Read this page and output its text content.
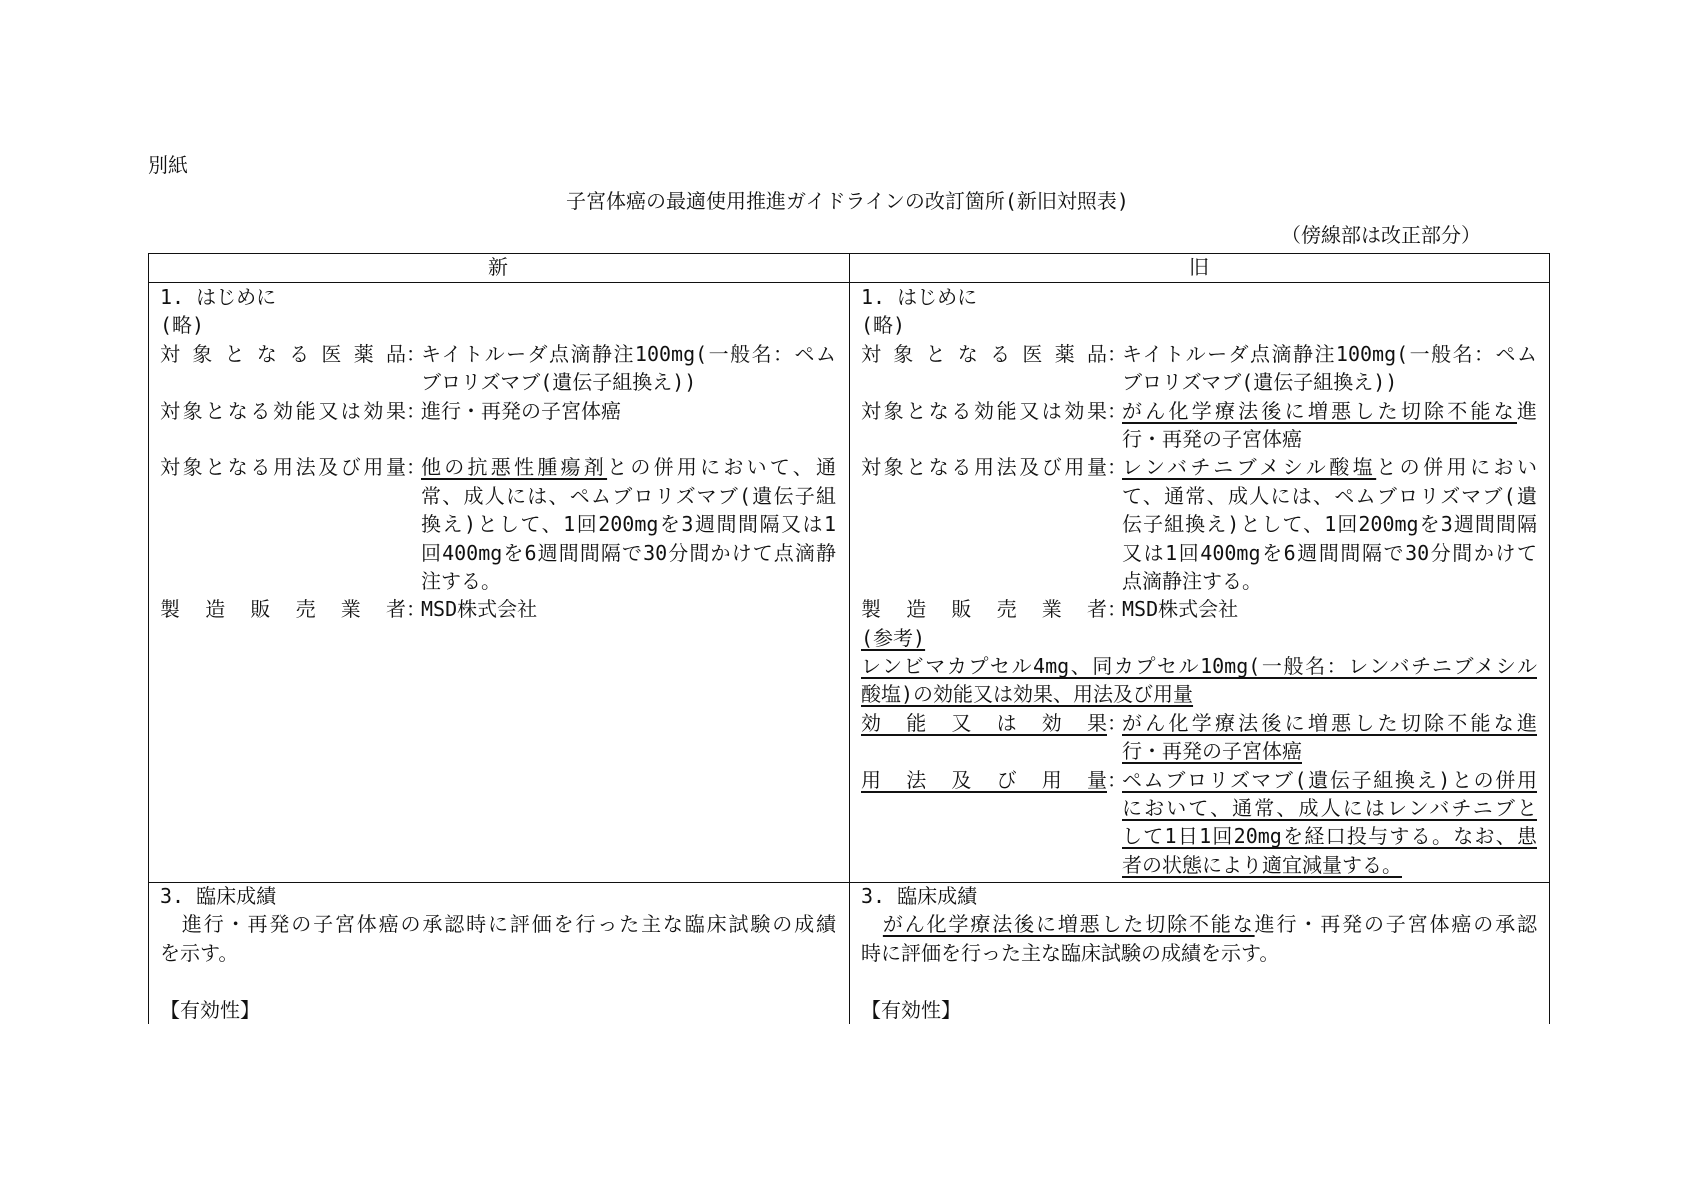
別紙
子宮体癌の最適使用推進ガイドラインの改訂箇所(新旧対照表)
（傍線部は改正部分）
新	旧
1. はじめに
(略)
対象となる医薬品 ：
キイトルーダ点滴静注100mg(一般名：ペム
ブロリズマブ(遺伝子組換え))
対象となる効能又は効果 ：
進行・再発の子宮体癌
対象となる用法及び用量 ：
他の抗悪性腫瘍剤との併用において、通
常、成人には、ペムブロリズマブ(遺伝子組
換え)として、1回200mgを3週間間隔又は1
回400mgを6週間間隔で30分間かけて点滴静
注する。
製造販売業者 ：
MSD株式会社
1. はじめに
(略)
対象となる医薬品 ：
キイトルーダ点滴静注100mg(一般名：ペム
ブロリズマブ(遺伝子組換え))
対象となる効能又は効果 ：
がん化学療法後に増悪した切除不能な進
行・再発の子宮体癌
対象となる用法及び用量 ：
レンバチニブメシル酸塩との併用におい
て、通常、成人には、ペムブロリズマブ(遺
伝子組換え)として、1回200mgを3週間間隔
又は1回400mgを6週間間隔で30分間かけて
点滴静注する。
製造販売業者 ：
MSD株式会社
(参考)
レンビマカプセル4mg、同カプセル10mg(一般名：レンバチニブメシル
酸塩)の効能又は効果、用法及び用量
効能又は効果 ：
がん化学療法後に増悪した切除不能な進
行・再発の子宮体癌
用法及び用量 ：
ペムブロリズマブ(遺伝子組換え)との併用
において、通常、成人にはレンバチニブと
して1日1回20mgを経口投与する。なお、患
者の状態により適宜減量する。
3. 臨床成績
　進行・再発の子宮体癌の承認時に評価を行った主な臨床試験の成績
を示す。
【有効性】
3. 臨床成績
　がん化学療法後に増悪した切除不能な進行・再発の子宮体癌の承認
時に評価を行った主な臨床試験の成績を示す。
【有効性】
